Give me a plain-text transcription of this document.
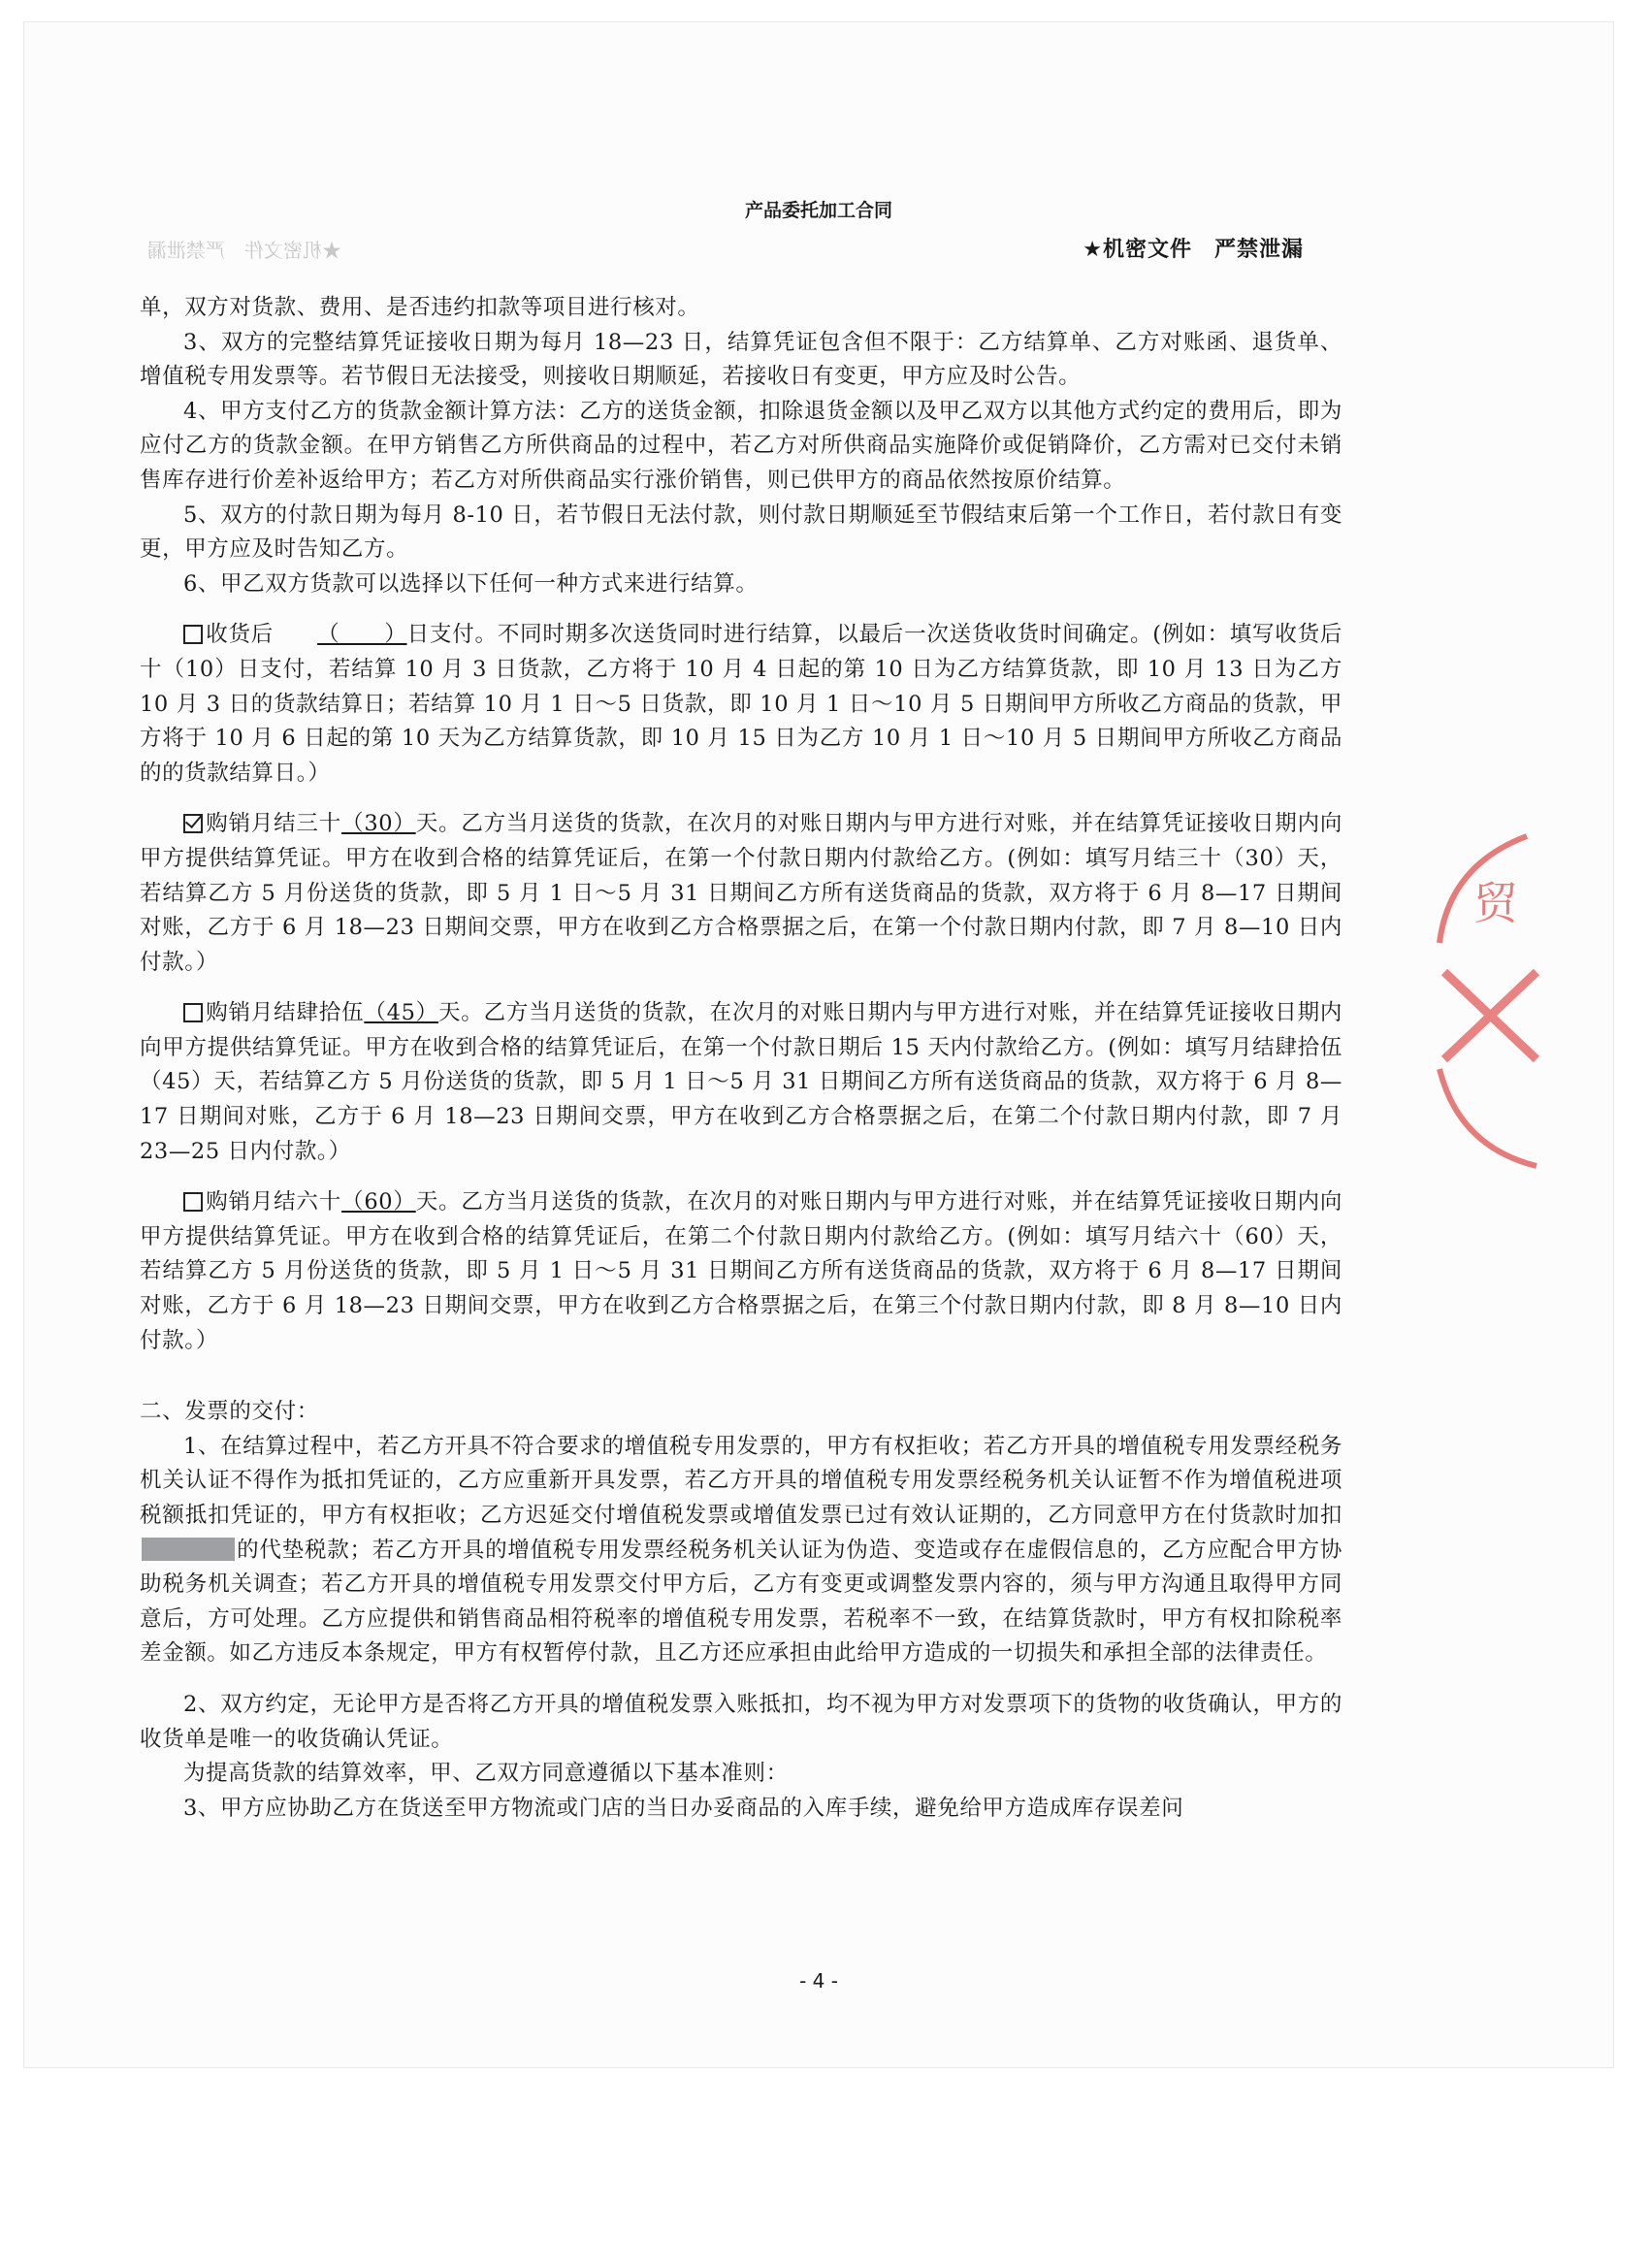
产品委托加工合同
★机密文件　严禁泄漏
★机密文件　严禁泄漏
贸

单，双方对货款、费用、是否违约扣款等项目进行核对。

3、双方的完整结算凭证接收日期为每月 18—23 日，结算凭证包含但不限于：乙方结算单、乙方对账函、退货单、增值税专用发票等。若节假日无法接受，则接收日期顺延，若接收日有变更，甲方应及时公告。

4、甲方支付乙方的货款金额计算方法：乙方的送货金额，扣除退货金额以及甲乙双方以其他方式约定的费用后，即为应付乙方的货款金额。在甲方销售乙方所供商品的过程中，若乙方对所供商品实施降价或促销降价，乙方需对已交付未销售库存进行价差补返给甲方；若乙方对所供商品实行涨价销售，则已供甲方的商品依然按原价结算。

5、双方的付款日期为每月 8-10 日，若节假日无法付款，则付款日期顺延至节假结束后第一个工作日，若付款日有变更，甲方应及时告知乙方。

6、甲乙双方货款可以选择以下任何一种方式来进行结算。

收货后 （　　）日支付。不同时期多次送货同时进行结算，以最后一次送货收货时间确定。(例如：填写收货后十（10）日支付，若结算 10 月 3 日货款，乙方将于 10 月 4 日起的第 10 日为乙方结算货款，即 10 月 13 日为乙方 10 月 3 日的货款结算日；若结算 10 月 1 日～5 日货款，即 10 月 1 日～10 月 5 日期间甲方所收乙方商品的货款，甲方将于 10 月 6 日起的第 10 天为乙方结算货款，即 10 月 15 日为乙方 10 月 1 日～10 月 5 日期间甲方所收乙方商品的的货款结算日。）

购销月结三十（30）天。乙方当月送货的货款，在次月的对账日期内与甲方进行对账，并在结算凭证接收日期内向甲方提供结算凭证。甲方在收到合格的结算凭证后，在第一个付款日期内付款给乙方。(例如：填写月结三十（30）天，若结算乙方 5 月份送货的货款，即 5 月 1 日～5 月 31 日期间乙方所有送货商品的货款，双方将于 6 月 8—17 日期间对账，乙方于 6 月 18—23 日期间交票，甲方在收到乙方合格票据之后，在第一个付款日期内付款，即 7 月 8—10 日内付款。）

购销月结肆拾伍（45）天。乙方当月送货的货款，在次月的对账日期内与甲方进行对账，并在结算凭证接收日期内向甲方提供结算凭证。甲方在收到合格的结算凭证后，在第一个付款日期后 15 天内付款给乙方。(例如：填写月结肆拾伍（45）天，若结算乙方 5 月份送货的货款，即 5 月 1 日～5 月 31 日期间乙方所有送货商品的货款，双方将于 6 月 8—17 日期间对账，乙方于 6 月 18—23 日期间交票，甲方在收到乙方合格票据之后，在第二个付款日期内付款，即 7 月 23—25 日内付款。）

购销月结六十（60）天。乙方当月送货的货款，在次月的对账日期内与甲方进行对账，并在结算凭证接收日期内向甲方提供结算凭证。甲方在收到合格的结算凭证后，在第二个付款日期内付款给乙方。(例如：填写月结六十（60）天，若结算乙方 5 月份送货的货款，即 5 月 1 日～5 月 31 日期间乙方所有送货商品的货款，双方将于 6 月 8—17 日期间对账，乙方于 6 月 18—23 日期间交票，甲方在收到乙方合格票据之后，在第三个付款日期内付款，即 8 月 8—10 日内付款。）

二、发票的交付：

1、在结算过程中，若乙方开具不符合要求的增值税专用发票的，甲方有权拒收；若乙方开具的增值税专用发票经税务机关认证不得作为抵扣凭证的，乙方应重新开具发票，若乙方开具的增值税专用发票经税务机关认证暂不作为增值税进项税额抵扣凭证的，甲方有权拒收；乙方迟延交付增值税发票或增值发票已过有效认证期的，乙方同意甲方在付货款时加扣的代垫税款；若乙方开具的增值税专用发票经税务机关认证为伪造、变造或存在虚假信息的，乙方应配合甲方协助税务机关调查；若乙方开具的增值税专用发票交付甲方后，乙方有变更或调整发票内容的，须与甲方沟通且取得甲方同意后，方可处理。乙方应提供和销售商品相符税率的增值税专用发票，若税率不一致，在结算货款时，甲方有权扣除税率差金额。如乙方违反本条规定，甲方有权暂停付款，且乙方还应承担由此给甲方造成的一切损失和承担全部的法律责任。

2、双方约定，无论甲方是否将乙方开具的增值税发票入账抵扣，均不视为甲方对发票项下的货物的收货确认，甲方的收货单是唯一的收货确认凭证。

为提高货款的结算效率，甲、乙双方同意遵循以下基本准则：

3、甲方应协助乙方在货送至甲方物流或门店的当日办妥商品的入库手续，避免给甲方造成库存误差问

- 4 -
